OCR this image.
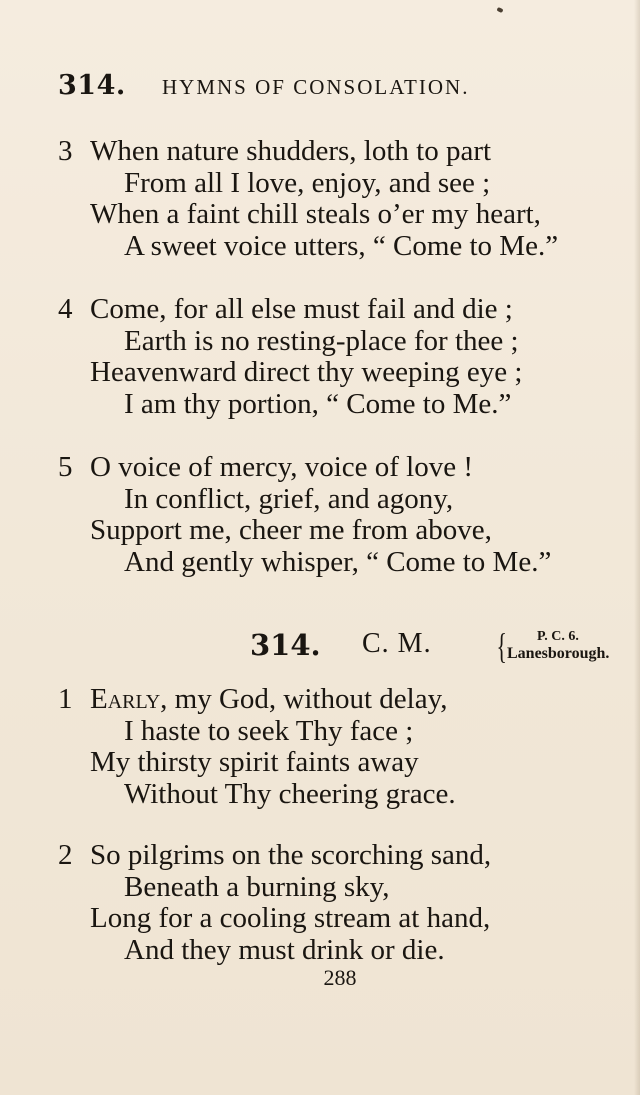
314. HYMNS OF CONSOLATION.
3 When nature shudders, loth to part
From all I love, enjoy, and see ;
When a faint chill steals o’er my heart,
A sweet voice utters, “ Come to Me.”
4 Come, for all else must fail and die ;
Earth is no resting-place for thee ;
Heavenward direct thy weeping eye ;
I am thy portion, “ Come to Me.”
5 O voice of mercy, voice of love !
In conflict, grief, and agony,
Support me, cheer me from above,
And gently whisper, “ Come to Me.”
314. C. M. { P. C. 6.
Lanesborough.
1 Early, my God, without delay,
I haste to seek Thy face ;
My thirsty spirit faints away
Without Thy cheering grace.
2 So pilgrims on the scorching sand,
Beneath a burning sky,
Long for a cooling stream at hand,
And they must drink or die.
288
